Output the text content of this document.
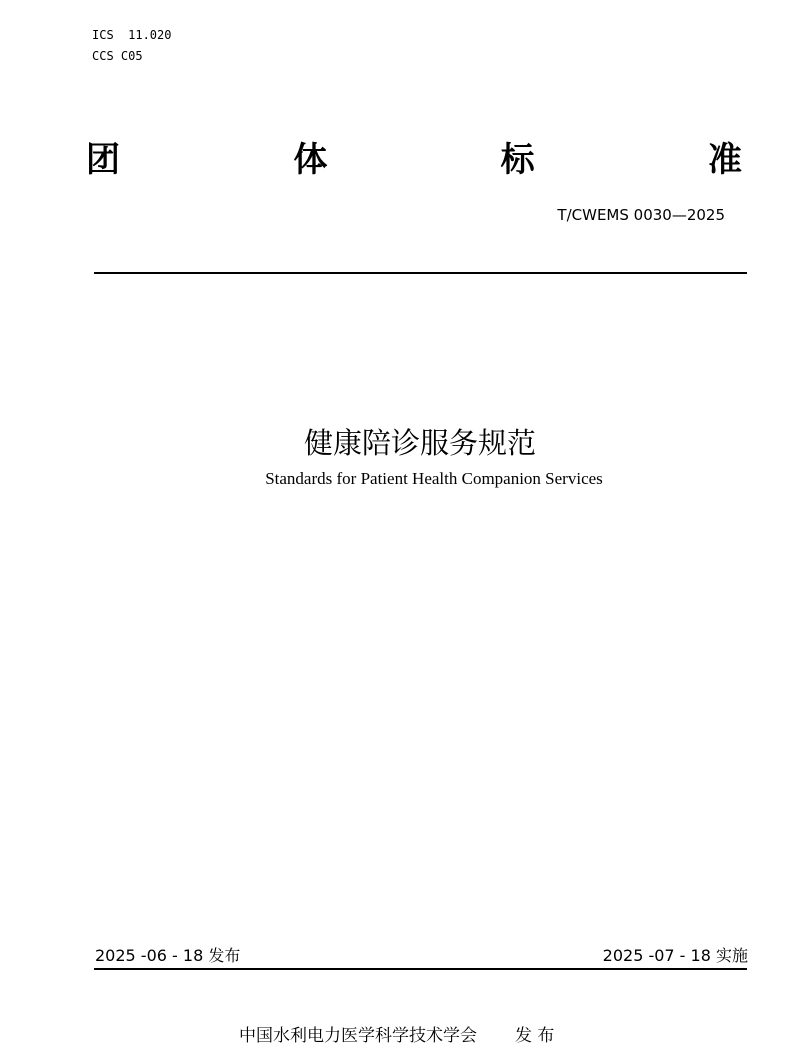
ICS  11.020
CCS C05
团	体	标	准
T/CWEMS 0030—2025
健康陪诊服务规范
Standards for Patient Health Companion Services
2025 -06 - 18 发布	2025 -07 - 18 实施
中国水利电力医学科学技术学会 发 布
